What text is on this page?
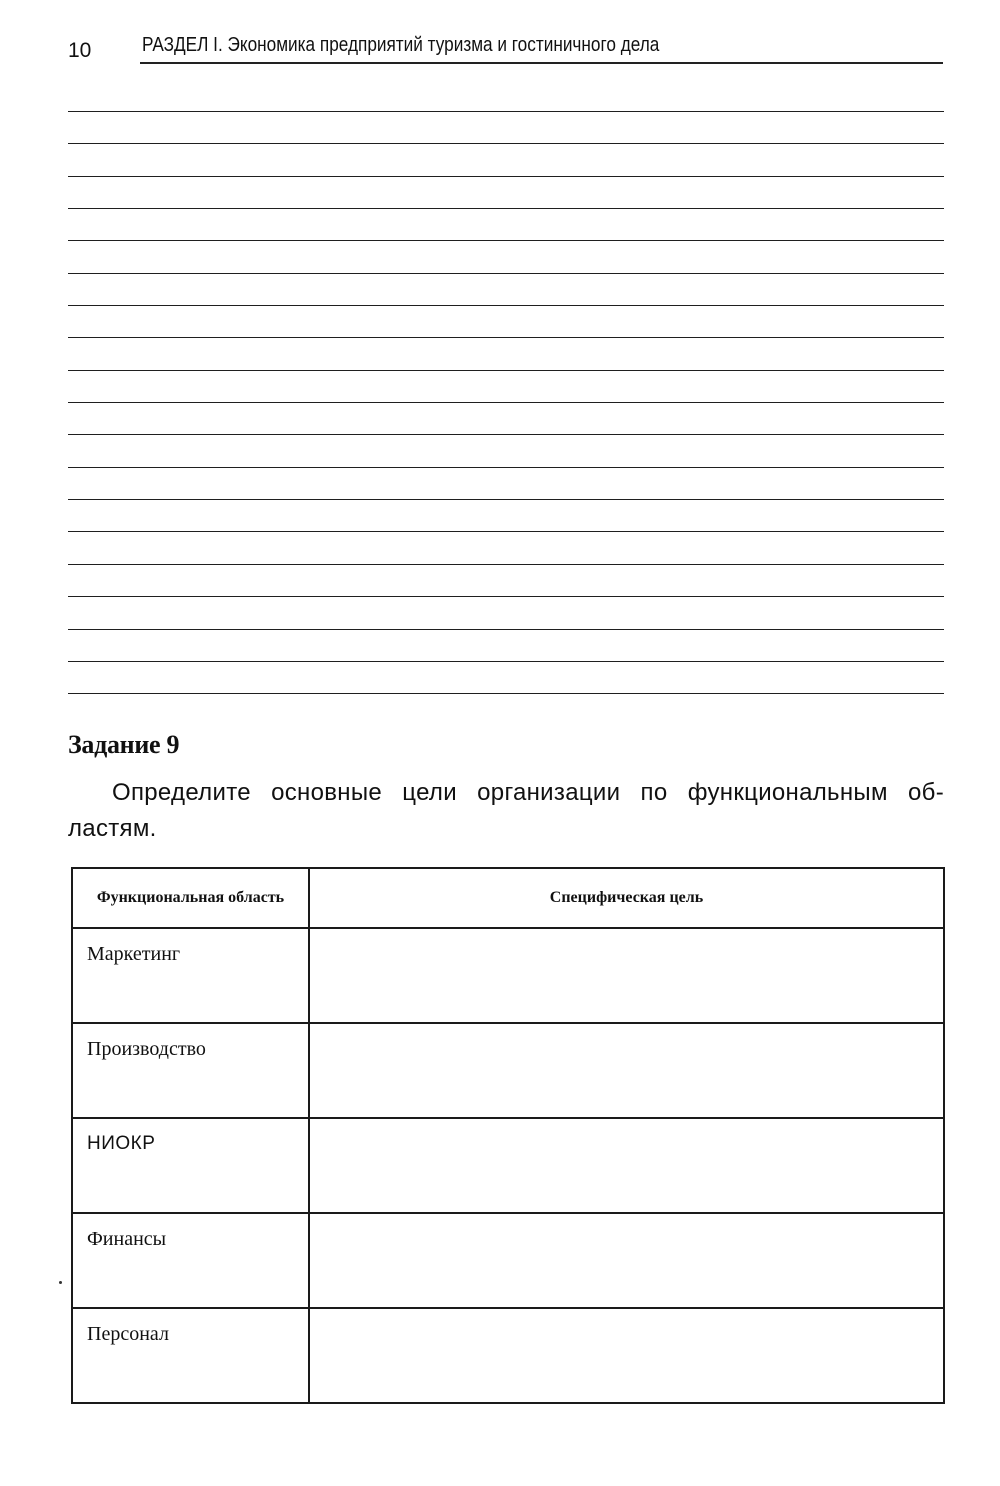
10	РАЗДЕЛ I. Экономика предприятий туризма и гостиничного дела
Задание 9

Определите основные цели организации по функциональным об-ластям.

Функциональная область	Специфическая цель

Маркетинг	

Производство	

НИОКР	

Финансы	

Персонал	
